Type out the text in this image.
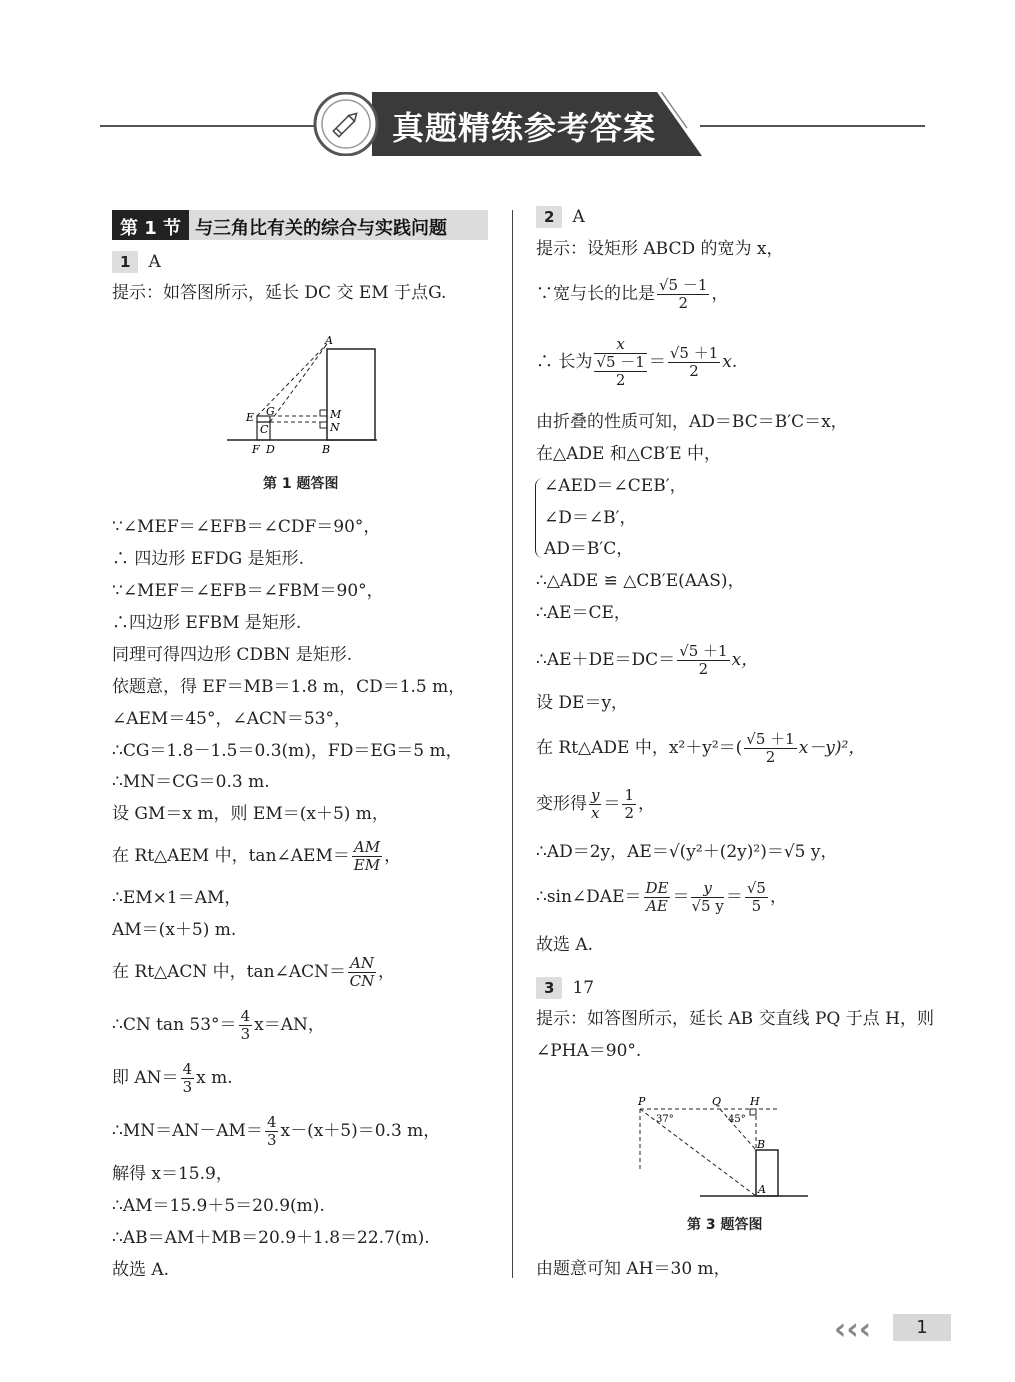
真题精练参考答案
第 1 节 与三角比有关的综合与实践问题
1 A
提示：如答图所示，延长 DC 交 EM 于点G.
A
E G	M
C	N
F D	B
第 1 题答图
∵∠MEF＝∠EFB＝∠CDF＝90°，
∴ 四边形 EFDG 是矩形.
∵∠MEF＝∠EFB＝∠FBM＝90°，
∴四边形 EFBM 是矩形.
同理可得四边形 CDBN 是矩形.
依题意，得 EF＝MB＝1.8 m，CD＝1.5 m，
∠AEM＝45°，∠ACN＝53°，
∴CG＝1.8－1.5＝0.3(m)，FD＝EG＝5 m，
∴MN＝CG＝0.3 m.
设 GM＝x m，则 EM＝(x＋5) m，
在 Rt△AEM 中，tan∠AEM＝ $\frac{AM}{EM}$ ，
∴EM×1＝AM，
AM＝(x＋5) m.
在 Rt△ACN 中，tan∠ACN＝ $\frac{AN}{CN}$ ，
∴CN $\tan 53^\circ= \frac{4}{3} x=AN$，
即 $AN= \frac{4}{3}$ x m.
∴MN＝AN－AM＝ $\frac{4}{3} x-(x+5)=0.3$ m，
解得 x＝15.9，
∴AM＝15.9＋5＝20.9(m).
∴AB＝AM＋MB＝20.9＋1.8＝22.7(m).
故选 A.
2 A
提示：设矩形 ABCD 的宽为 x，
∵宽与长的比是 $\frac{√5 -1}{2}$ ，
∴ 长为 x
√5 －1
$2 = \frac{√5 +1}{2} x$.
由折叠的性质可知，AD＝BC＝B′C＝x，
在△ADE 和△CB′E 中，
∠AED＝∠CEB′，
∠D＝∠B′，
AD＝B′C，
∴△ADE ≌ △CB′E(AAS)，
∴AE＝CE，
∴AE＋DE＝DC＝ $\frac{√5 +1}{2}$ x，
设 DE＝y，
在 Rt△ADE 中，$x^2+y^2=( \frac{√5 +1}{2} x-y)^2$，
变形得 $\frac{y}{x} = \frac{1}{2}$ ，
∴AD＝2y，AE＝√(y²＋(2y)²)＝√5 y，
∴sin∠DAE＝ $\frac{DE}{AE} = \frac{y}{√5 y} = \frac{√5}{5}$ ，
故选 A.
3 17
提示：如答图所示，延长 AB 交直线 PQ 于点 H，则
∠PHA＝90°.
P	Q	H
37°	45°
B
A
第 3 题答图
由题意可知 AH＝30 m，
‹‹‹	1
